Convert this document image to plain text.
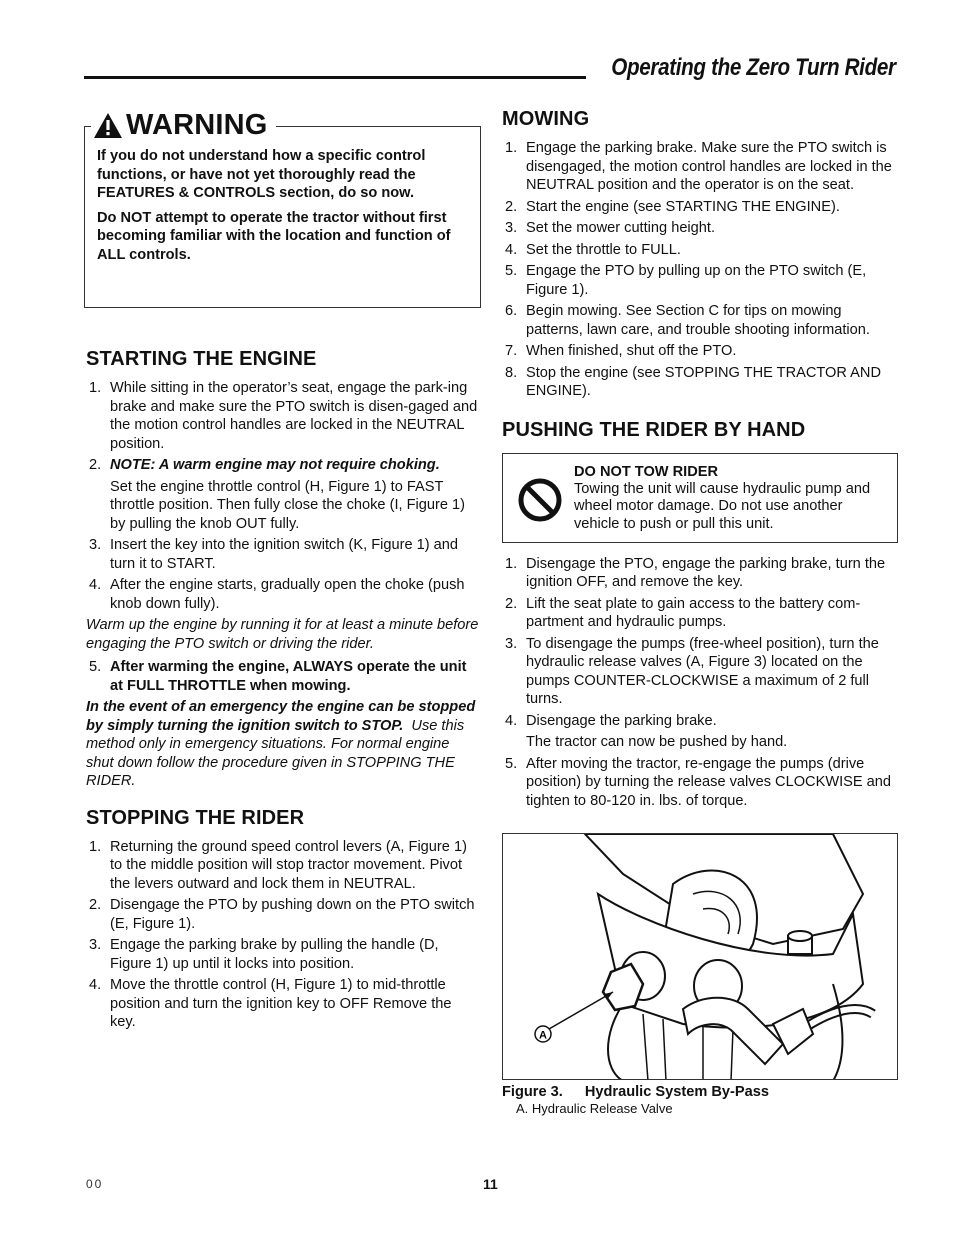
Operating the Zero Turn Rider
WARNING

If you do not understand how a specific control functions, or have not yet thoroughly read the FEATURES & CONTROLS section, do so now.

Do NOT attempt to operate the tractor without first becoming familiar with the location and function of ALL controls.

STARTING THE ENGINE
1. While sitting in the operator’s seat, engage the park-ing brake and make sure the PTO switch is disen-gaged and the motion control handles are locked in the NEUTRAL position.
2. NOTE: A warm engine may not require choking.
Set the engine throttle control (H, Figure 1) to FAST throttle position. Then fully close the choke (I, Figure 1) by pulling the knob OUT fully.
3. Insert the key into the ignition switch (K, Figure 1) and turn it to START.
4. After the engine starts, gradually open the choke (push knob down fully).
Warm up the engine by running it for at least a minute before engaging the PTO switch or driving the rider.
5. After warming the engine, ALWAYS operate the unit at FULL THROTTLE when mowing.
In the event of an emergency the engine can be stopped by simply turning the ignition switch to STOP. Use this method only in emergency situations. For normal engine shut down follow the procedure given in STOPPING THE RIDER.
STOPPING THE RIDER
1. Returning the ground speed control levers (A, Figure 1) to the middle position will stop tractor movement. Pivot the levers outward and lock them in NEUTRAL.
2. Disengage the PTO by pushing down on the PTO switch (E, Figure 1).
3. Engage the parking brake by pulling the handle (D, Figure 1) up until it locks into position.
4. Move the throttle control (H, Figure 1) to mid-throttle position and turn the ignition key to OFF Remove the key.
MOWING
1. Engage the parking brake. Make sure the PTO switch is disengaged, the motion control handles are locked in the NEUTRAL position and the operator is on the seat.
2. Start the engine (see STARTING THE ENGINE).
3. Set the mower cutting height.
4. Set the throttle to FULL.
5. Engage the PTO by pulling up on the PTO switch (E, Figure 1).
6. Begin mowing. See Section C for tips on mowing patterns, lawn care, and trouble shooting information.
7. When finished, shut off the PTO.
8. Stop the engine (see STOPPING THE TRACTOR AND ENGINE).
PUSHING THE RIDER BY HAND
DO NOT TOW RIDER
Towing the unit will cause hydraulic pump and wheel motor damage. Do not use another vehicle to push or pull this unit.
1. Disengage the PTO, engage the parking brake, turn the ignition OFF, and remove the key.
2. Lift the seat plate to gain access to the battery com-partment and hydraulic pumps.
3. To disengage the pumps (free-wheel position), turn the hydraulic release valves (A, Figure 3) located on the pumps COUNTER-CLOCKWISE a maximum of 2 full turns.
4. Disengage the parking brake.
The tractor can now be pushed by hand.
5. After moving the tractor, re-engage the pumps (drive position) by turning the release valves CLOCKWISE and tighten to 80-120 in. lbs. of torque.
A
Figure 3. Hydraulic System By-Pass
A. Hydraulic Release Valve
00	11
